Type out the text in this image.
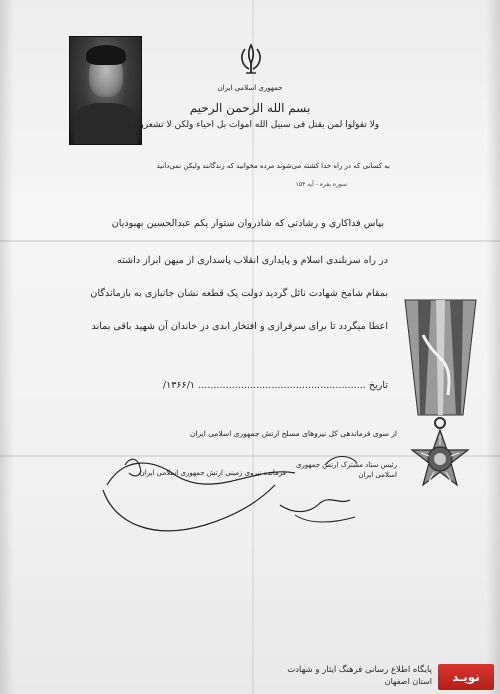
جمهوری اسلامی ایران
بسم الله الرحمن الرحیم
ولا تقولوا لمن یقتل فی سبیل الله اموات بل احیاء ولکن لا تشعرون
به کسانی که در راه خدا کشته می‌شوند مرده مخوانید که زندگانند ولیکن نمی‌دانید
سوره بقره - آیه ۱۵۴
بپاس فداکاری و رشادتی که شادروان ستوار یکم عبدالحسین بهبودیان
در راه سربلندی اسلام و پایداری انقلاب پاسداری از میهن ابراز داشته
بمقام شامخ شهادت نائل گردید دولت یک قطعه نشان جانبازی به بازماندگان
اعطا میگردد تا برای سرفرازی و افتخار ابدی در خاندان آن شهید باقی بماند
تاریخ ....................................................... ۱۳۶۶/۱/
از سوی فرماندهی کل نیروهای مسلح ارتش جمهوری اسلامی ایران
رئیس ستاد مشترک ارتش جمهوری اسلامی ایران
فرمانده نیروی زمینی ارتش جمهوری اسلامی ایران
نویـد
پایگاه اطلاع رسانی فرهنگ ایثار و شهادت
استان اصفهان
